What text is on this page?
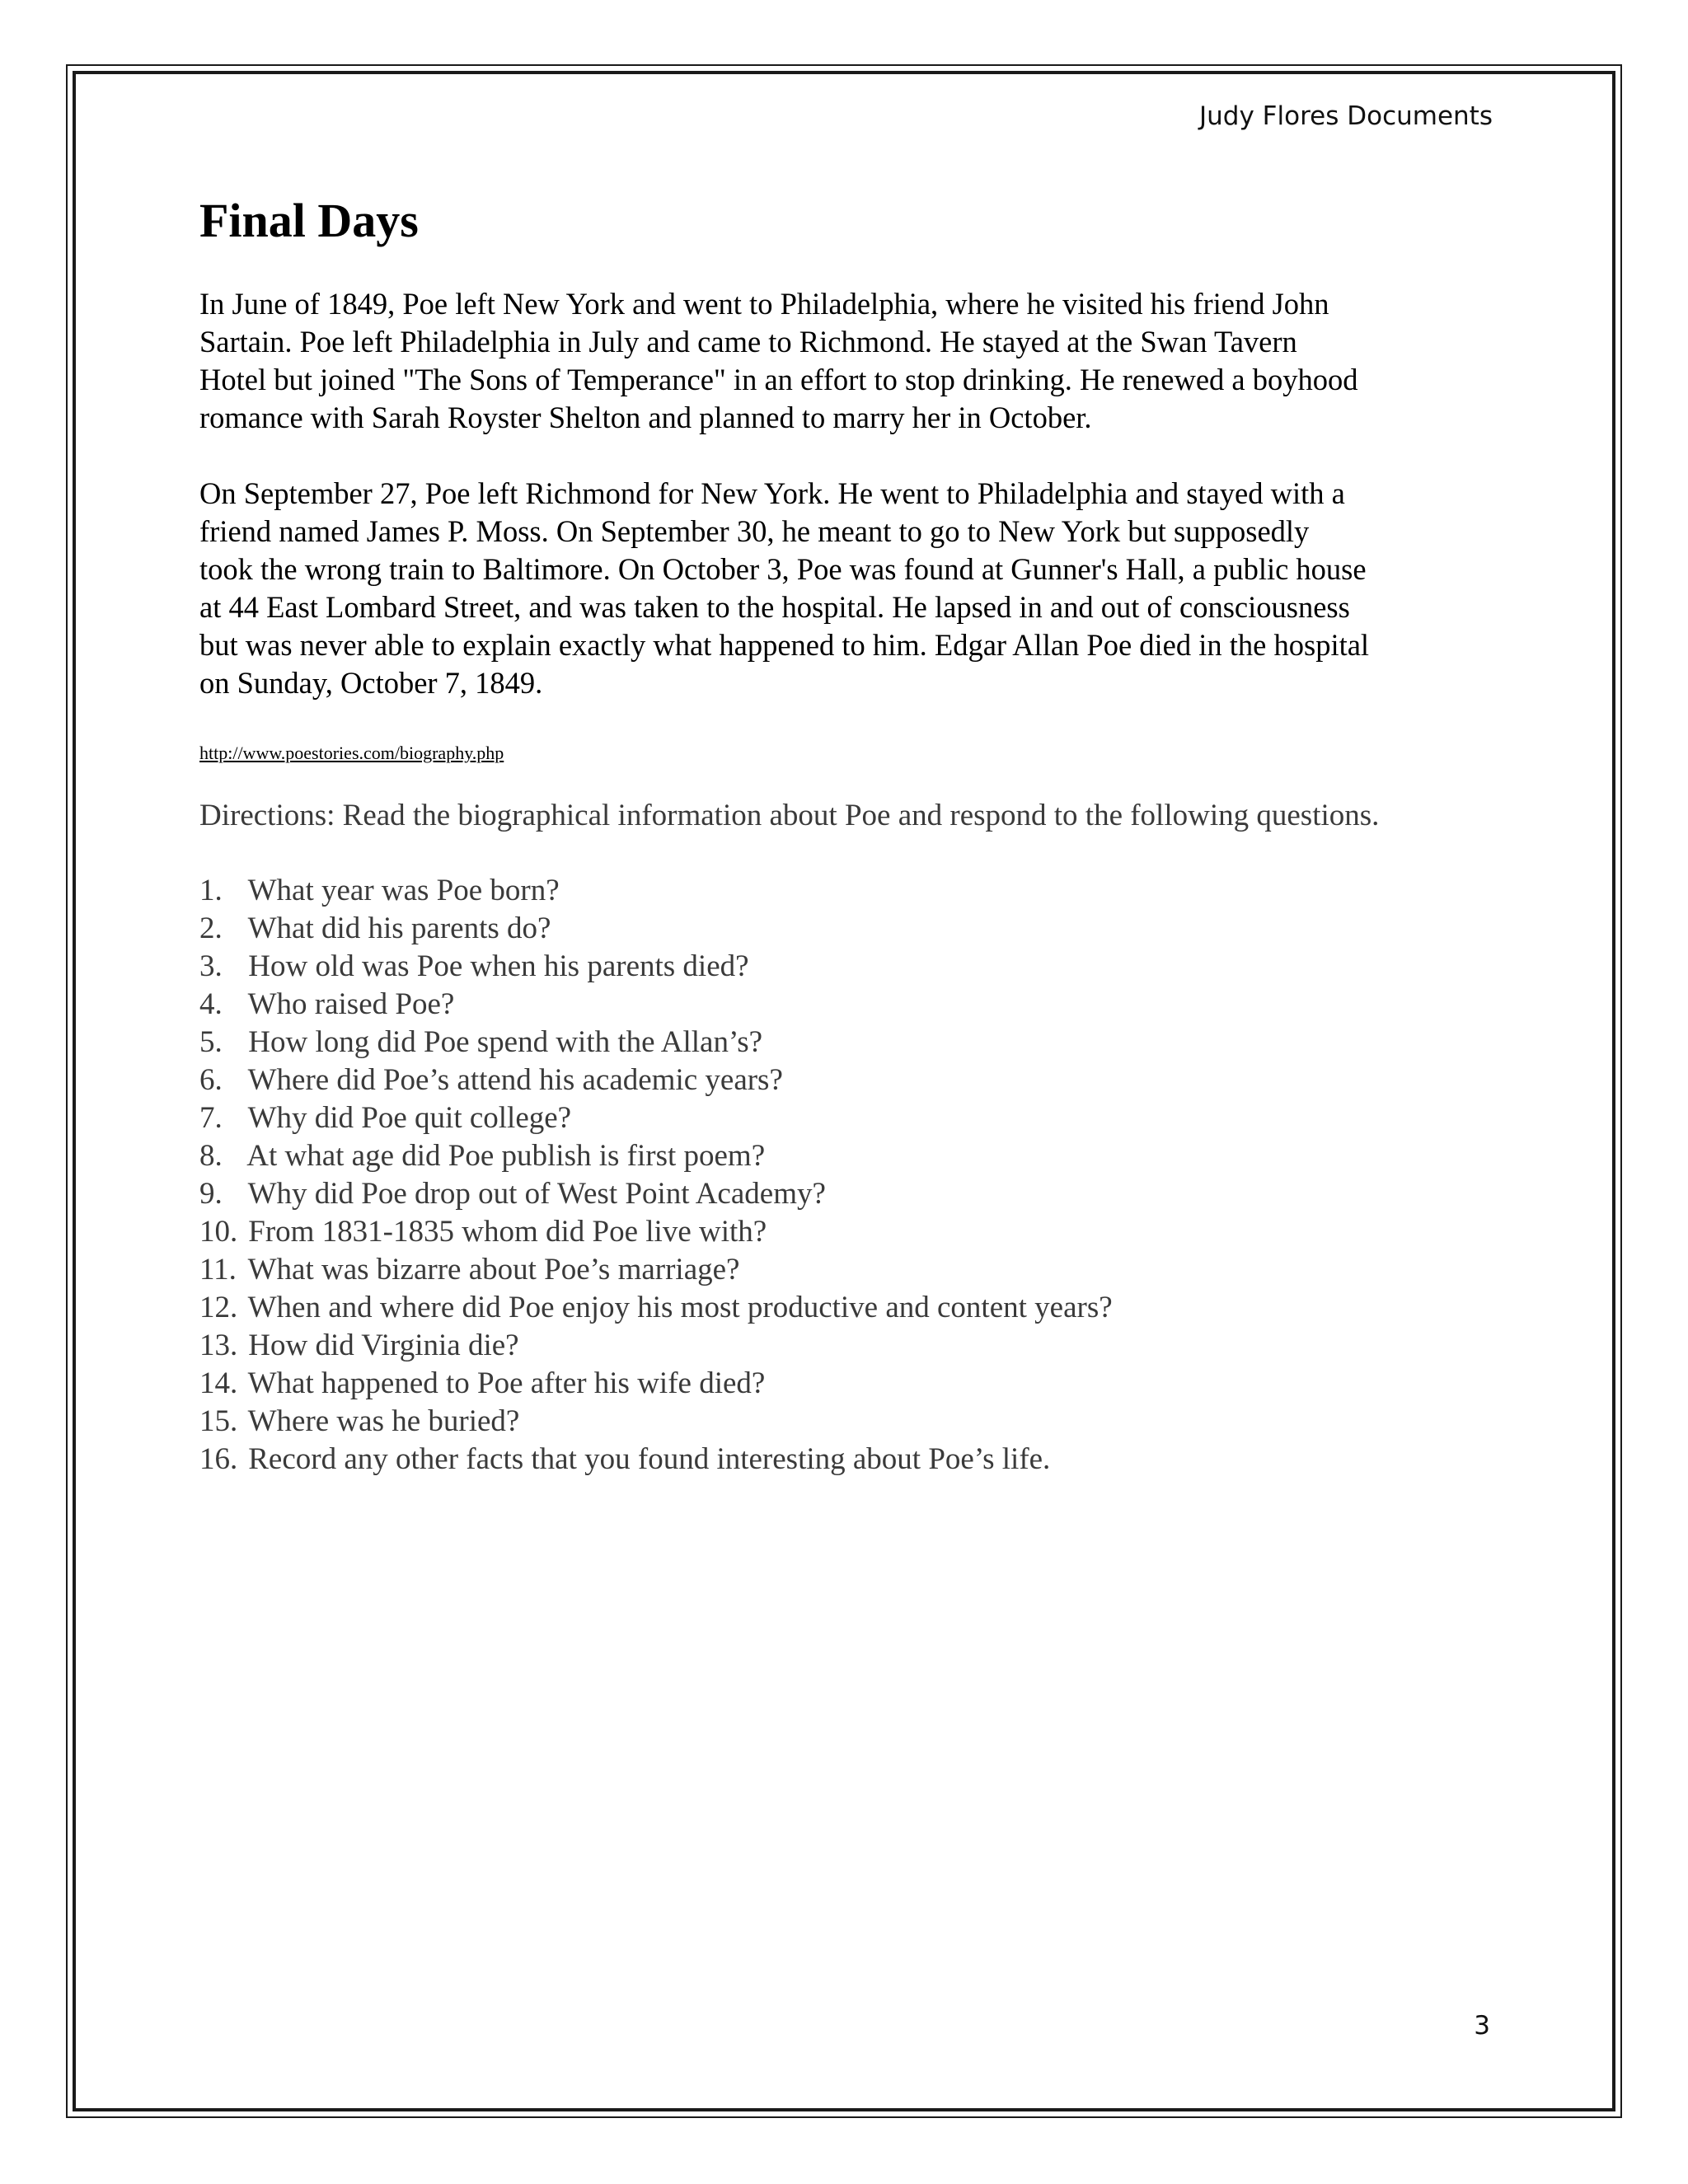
Judy Flores Documents
Final Days

In June of 1849, Poe left New York and went to Philadelphia, where he visited his friend John
Sartain. Poe left Philadelphia in July and came to Richmond. He stayed at the Swan Tavern
Hotel but joined "The Sons of Temperance" in an effort to stop drinking. He renewed a boyhood
romance with Sarah Royster Shelton and planned to marry her in October.

On September 27, Poe left Richmond for New York. He went to Philadelphia and stayed with a
friend named James P. Moss. On September 30, he meant to go to New York but supposedly
took the wrong train to Baltimore. On October 3, Poe was found at Gunner's Hall, a public house
at 44 East Lombard Street, and was taken to the hospital. He lapsed in and out of consciousness
but was never able to explain exactly what happened to him. Edgar Allan Poe died in the hospital
on Sunday, October 7, 1849.

http://www.poestories.com/biography.php

Directions: Read the biographical information about Poe and respond to the following questions.

1. What year was Poe born?
2. What did his parents do?
3. How old was Poe when his parents died?
4. Who raised Poe?
5. How long did Poe spend with the Allan’s?
6. Where did Poe’s attend his academic years?
7. Why did Poe quit college?
8. At what age did Poe publish is first poem?
9. Why did Poe drop out of West Point Academy?
10. From 1831-1835 whom did Poe live with?
11. What was bizarre about Poe’s marriage?
12. When and where did Poe enjoy his most productive and content years?
13. How did Virginia die?
14. What happened to Poe after his wife died?
15. Where was he buried?
16. Record any other facts that you found interesting about Poe’s life.
3
